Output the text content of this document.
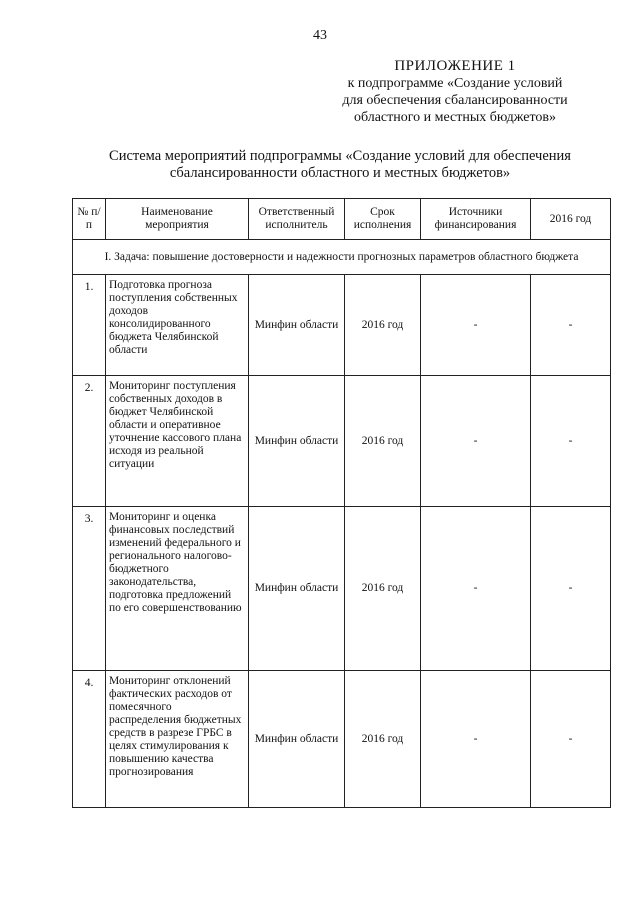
43
ПРИЛОЖЕНИЕ 1
к подпрограмме «Создание условий
для обеспечения сбалансированности
областного и местных бюджетов»
Система мероприятий подпрограммы «Создание условий для обеспечения
сбалансированности областного и местных бюджетов»
№ п/п	Наименование мероприятия	Ответственный исполнитель	Срок исполнения	Источники финансирования	2016 год
I. Задача: повышение достоверности и надежности прогнозных параметров областного бюджета					
1.	Подготовка прогноза поступления собственных доходов консолидированного бюджета Челябинской области	Минфин области	2016 год	-	-
2.	Мониторинг поступления собственных доходов в бюджет Челябинской области и оперативное уточнение кассового плана исходя из реальной ситуации	Минфин области	2016 год	-	-
3.	Мониторинг и оценка финансовых последствий изменений федерального и регионального налогово-бюджетного законодательства, подготовка предложений по его совершенствованию	Минфин области	2016 год	-	-
4.	Мониторинг отклонений фактических расходов от помесячного распределения бюджетных средств в разрезе ГРБС в целях стимулирования к повышению качества прогнозирования	Минфин области	2016 год	-	-
